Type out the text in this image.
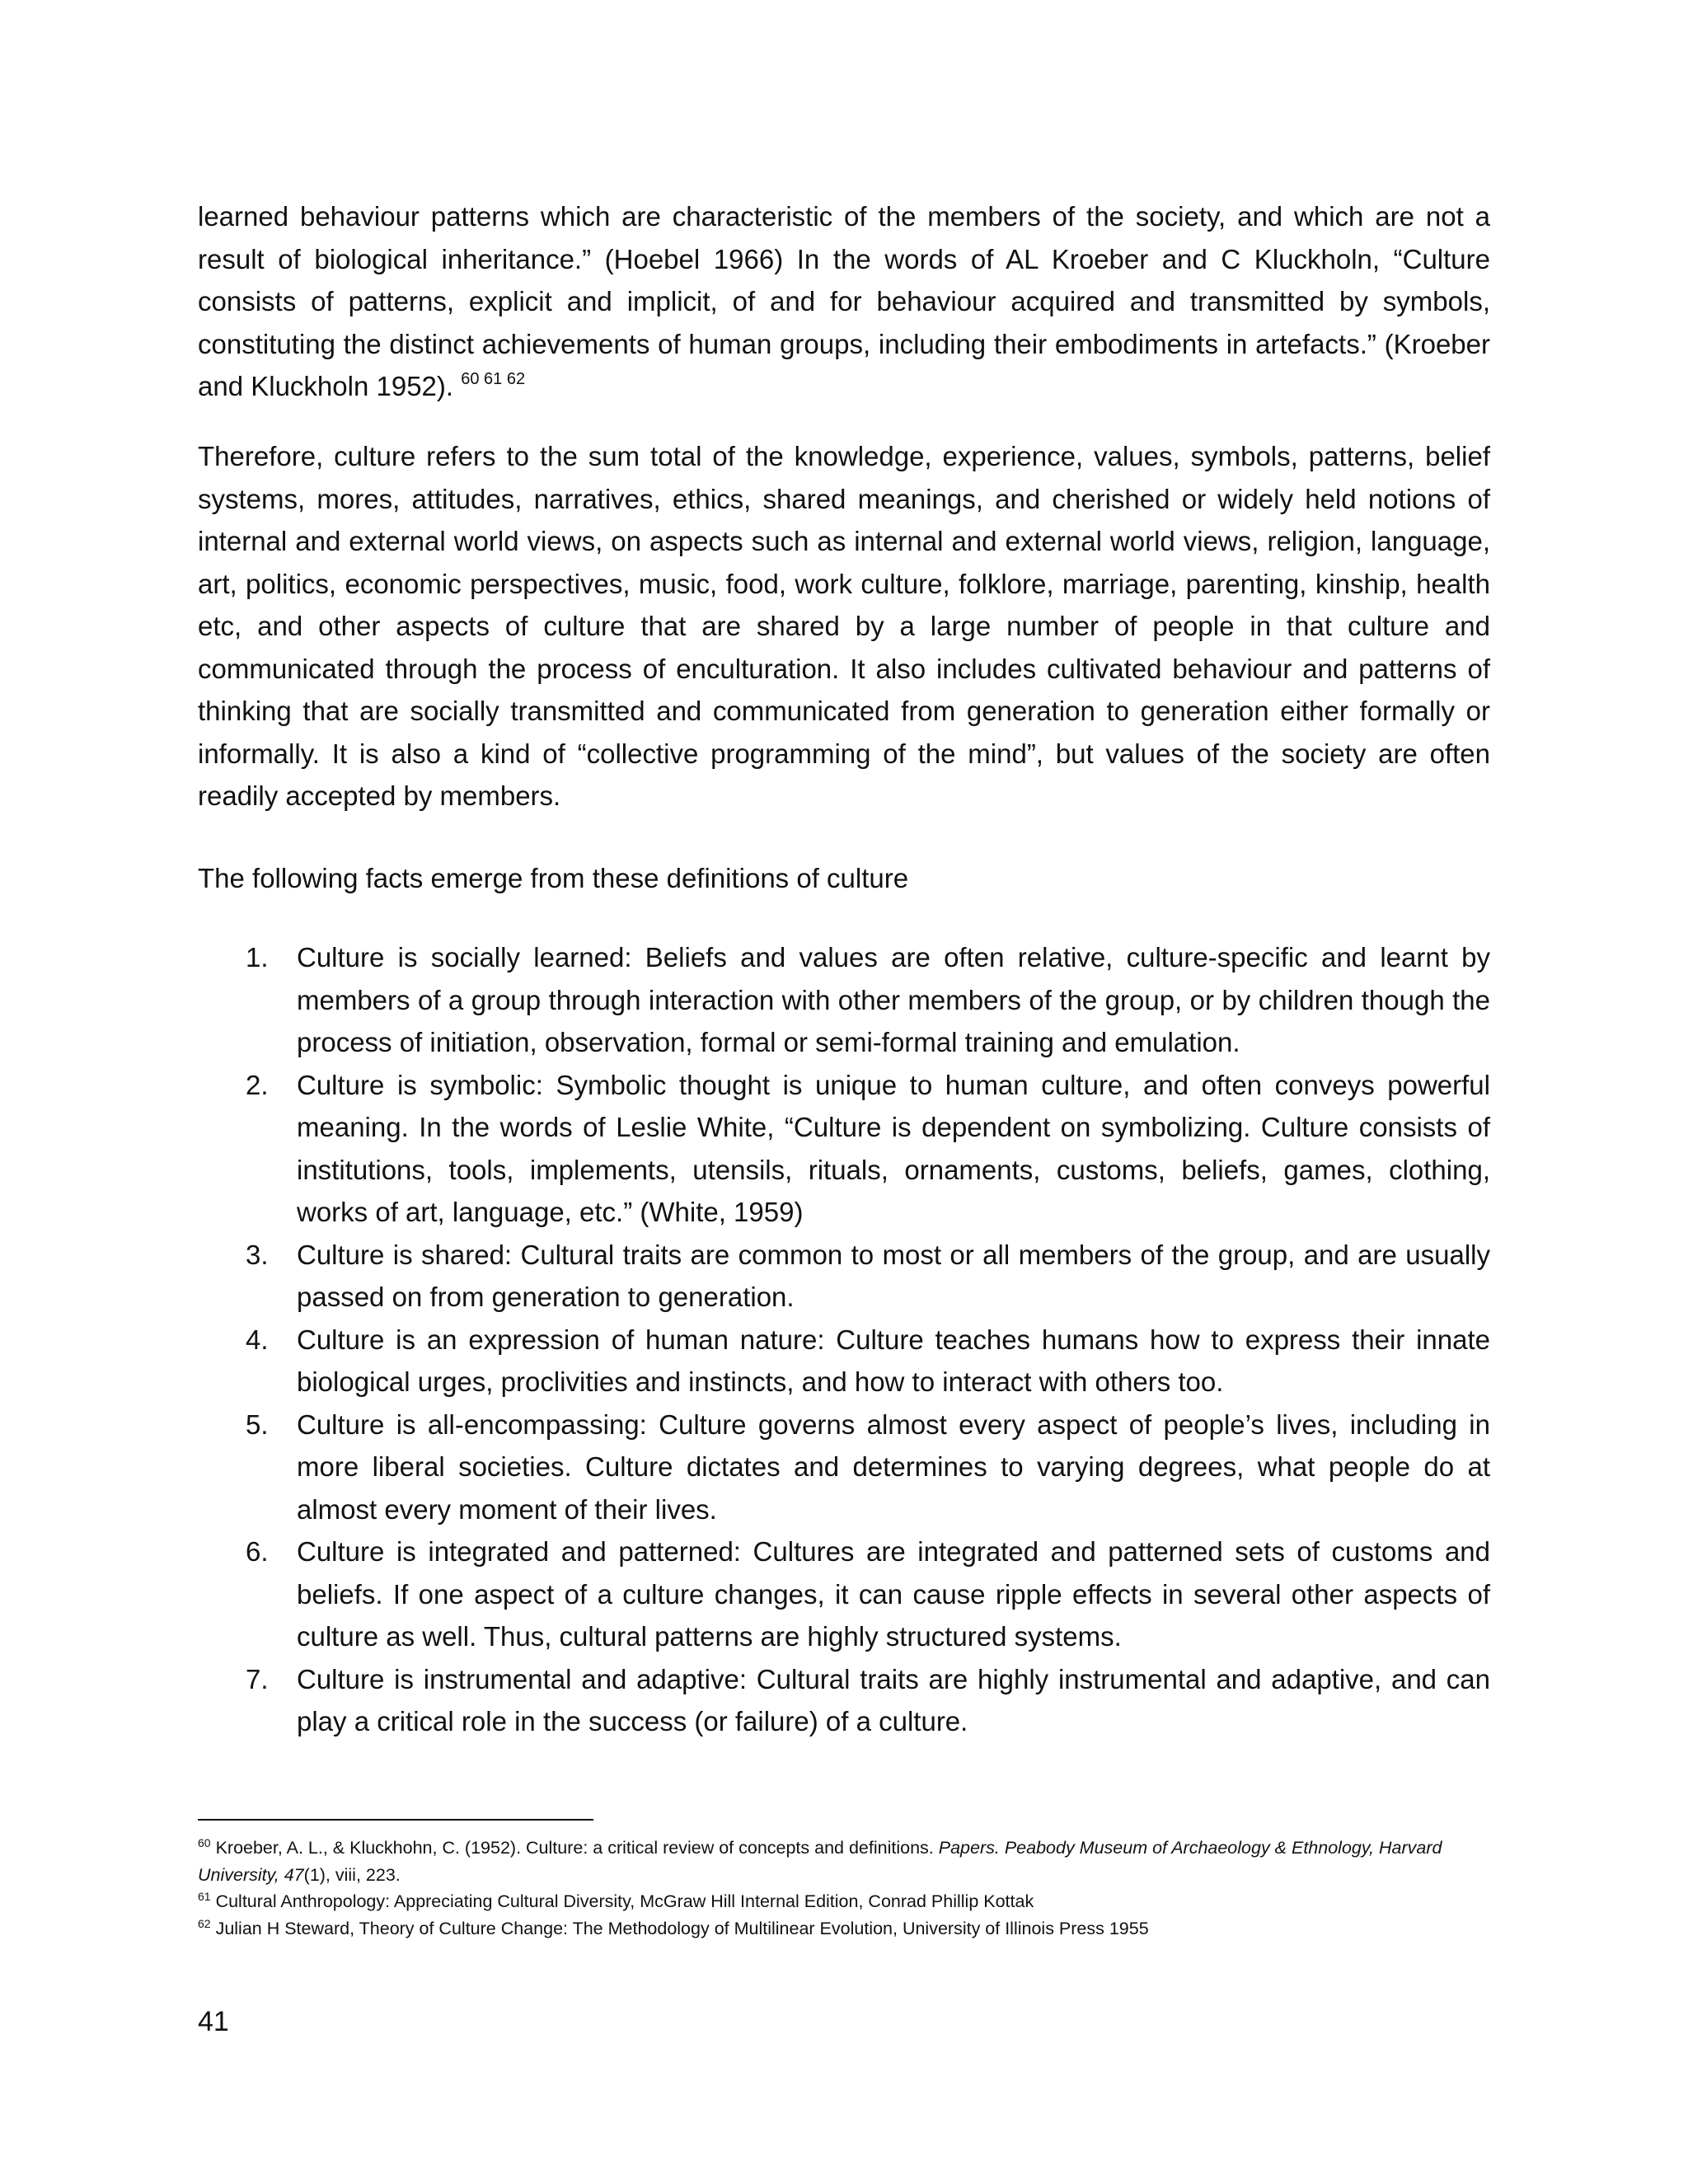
learned behaviour patterns which are characteristic of the members of the society, and which are not a result of biological inheritance.” (Hoebel 1966) In the words of AL Kroeber and C Kluckholn, “Culture consists of patterns, explicit and implicit, of and for behaviour acquired and transmitted by symbols, constituting the distinct achievements of human groups, including their embodiments in artefacts.” (Kroeber and Kluckholn 1952). $^{60 61 62}$

Therefore, culture refers to the sum total of the knowledge, experience, values, symbols, patterns, belief systems, mores, attitudes, narratives, ethics, shared meanings, and cherished or widely held notions of internal and external world views, on aspects such as internal and external world views, religion, language, art, politics, economic perspectives, music, food, work culture, folklore, marriage, parenting, kinship, health etc, and other aspects of culture that are shared by a large number of people in that culture and communicated through the process of enculturation. It also includes cultivated behaviour and patterns of thinking that are socially transmitted and communicated from generation to generation either formally or informally. It is also a kind of “collective programming of the mind”, but values of the society are often readily accepted by members.

The following facts emerge from these definitions of culture

1. Culture is socially learned: Beliefs and values are often relative, culture-specific and learnt by members of a group through interaction with other members of the group, or by children though the process of initiation, observation, formal or semi-formal training and emulation.
2. Culture is symbolic: Symbolic thought is unique to human culture, and often conveys powerful meaning. In the words of Leslie White, “Culture is dependent on symbolizing. Culture consists of institutions, tools, implements, utensils, rituals, ornaments, customs, beliefs, games, clothing, works of art, language, etc.” (White, 1959)
3. Culture is shared: Cultural traits are common to most or all members of the group, and are usually passed on from generation to generation.
4. Culture is an expression of human nature: Culture teaches humans how to express their innate biological urges, proclivities and instincts, and how to interact with others too.
5. Culture is all-encompassing: Culture governs almost every aspect of people’s lives, including in more liberal societies. Culture dictates and determines to varying degrees, what people do at almost every moment of their lives.
6. Culture is integrated and patterned: Cultures are integrated and patterned sets of customs and beliefs. If one aspect of a culture changes, it can cause ripple effects in several other aspects of culture as well. Thus, cultural patterns are highly structured systems.
7. Culture is instrumental and adaptive: Cultural traits are highly instrumental and adaptive, and can play a critical role in the success (or failure) of a culture.

$^{60}$ Kroeber, A. L., & Kluckhohn, C. (1952). Culture: a critical review of concepts and definitions. Papers. Peabody Museum of Archaeology & Ethnology, Harvard University, 47(1), viii, 223.

$^{61}$ Cultural Anthropology: Appreciating Cultural Diversity, McGraw Hill Internal Edition, Conrad Phillip Kottak

$^{62}$ Julian H Steward, Theory of Culture Change: The Methodology of Multilinear Evolution, University of Illinois Press 1955

41
